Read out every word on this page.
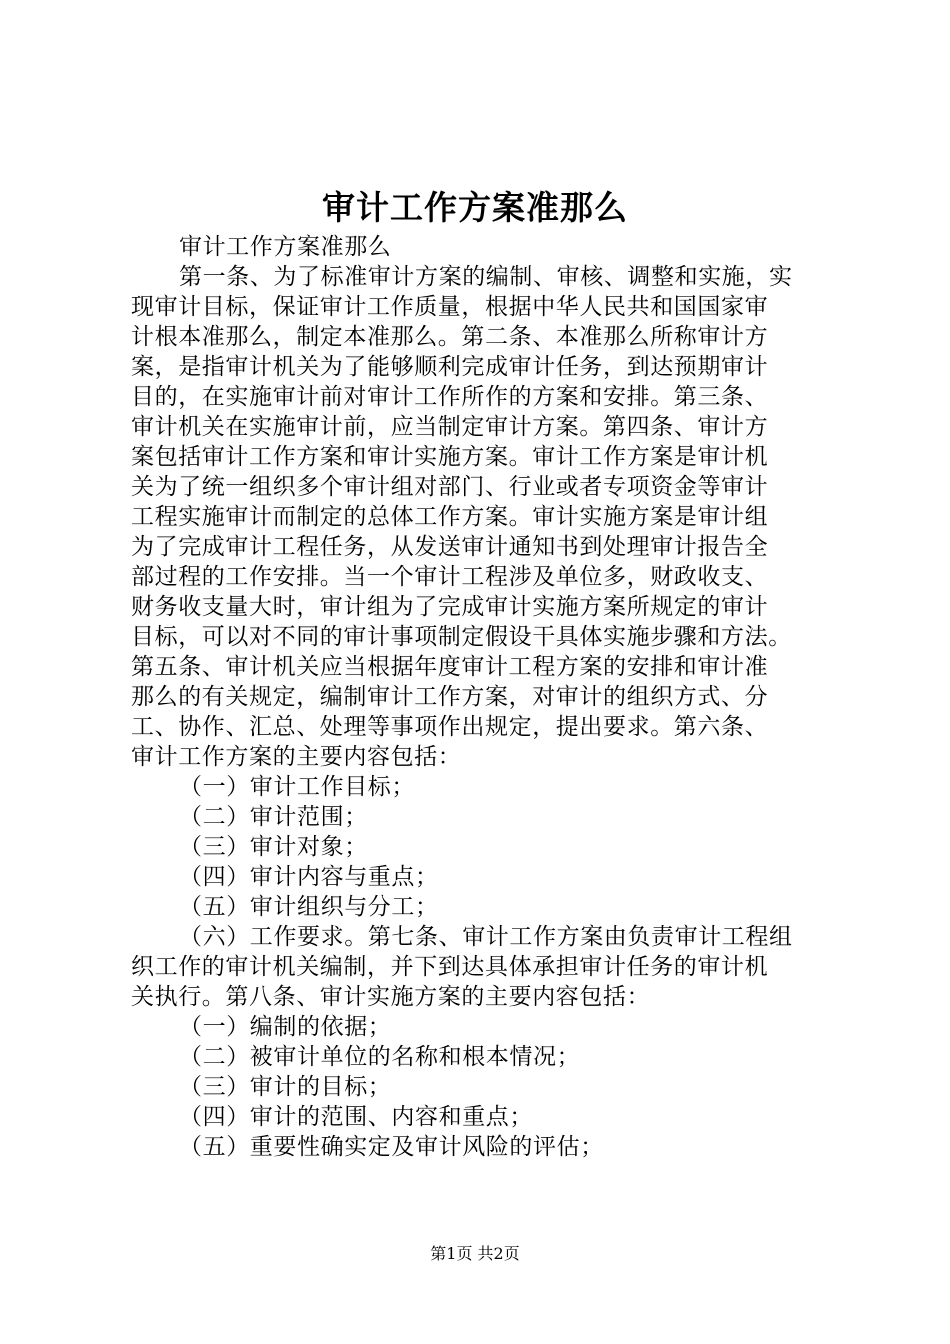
审计工作方案准那么
审计工作方案准那么
第一条、为了标准审计方案的编制、审核、调整和实施，实
现审计目标，保证审计工作质量，根据中华人民共和国国家审
计根本准那么，制定本准那么。第二条、本准那么所称审计方
案，是指审计机关为了能够顺利完成审计任务，到达预期审计
目的，在实施审计前对审计工作所作的方案和安排。第三条、
审计机关在实施审计前，应当制定审计方案。第四条、审计方
案包括审计工作方案和审计实施方案。审计工作方案是审计机
关为了统一组织多个审计组对部门、行业或者专项资金等审计
工程实施审计而制定的总体工作方案。审计实施方案是审计组
为了完成审计工程任务，从发送审计通知书到处理审计报告全
部过程的工作安排。当一个审计工程涉及单位多，财政收支、
财务收支量大时，审计组为了完成审计实施方案所规定的审计
目标，可以对不同的审计事项制定假设干具体实施步骤和方法。
第五条、审计机关应当根据年度审计工程方案的安排和审计准
那么的有关规定，编制审计工作方案，对审计的组织方式、分
工、协作、汇总、处理等事项作出规定，提出要求。第六条、
审计工作方案的主要内容包括：
（一）审计工作目标；
（二）审计范围；
（三）审计对象；
（四）审计内容与重点；
（五）审计组织与分工；
（六）工作要求。第七条、审计工作方案由负责审计工程组
织工作的审计机关编制，并下到达具体承担审计任务的审计机
关执行。第八条、审计实施方案的主要内容包括：
（一）编制的依据；
（二）被审计单位的名称和根本情况；
（三）审计的目标；
（四）审计的范围、内容和重点；
（五）重要性确实定及审计风险的评估；
第1页 共2页
